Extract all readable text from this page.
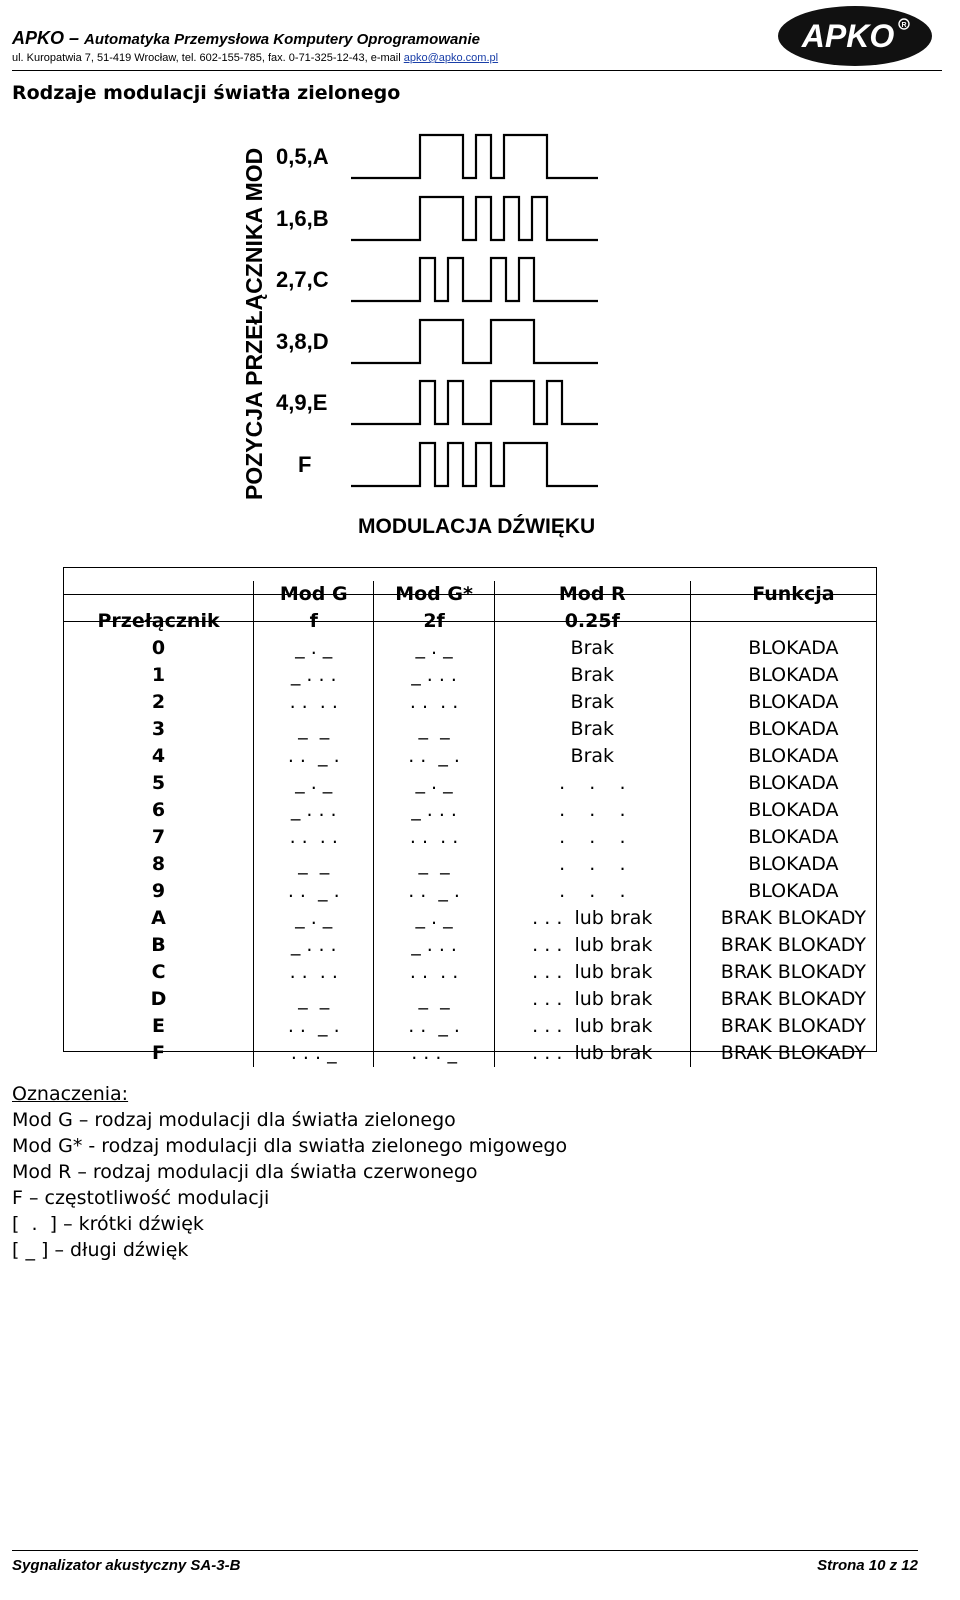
APKO – Automatyka Przemysłowa Komputery Oprogramowanie
ul. Kuropatwia 7, 51-419 Wrocław, tel. 602-155-785, fax. 0-71-325-12-43, e-mail apko@apko.com.pl
APKO R
Rodzaje modulacji światła zielonego
POZYCJA PRZEŁĄCZNIKA MOD 0,5,A
1,6,B
2,7,C
3,8,D
4,9,E
F
MODULACJA DŹWIĘKU
	Mod G	Mod G*	Mod R	Funkcja
Przełącznik	f	2f	0.25f	
0	_ . _	_ . _	Brak	BLOKADA
1	_ . . .	_ . . .	Brak	BLOKADA
2	. .  . .	. .  . .	Brak	BLOKADA
3	_  _	_  _	Brak	BLOKADA
4	. .  _ .	. .  _ .	Brak	BLOKADA
5	_ . _	_ . _	.    .    .	BLOKADA
6	_ . . .	_ . . .	.    .    .	BLOKADA
7	. .  . .	. .  . .	.    .    .	BLOKADA
8	_  _	_  _	.    .    .	BLOKADA
9	. .  _ .	. .  _ .	.    .    .	BLOKADA
A	_ . _	_ . _	. . .  lub brak	BRAK BLOKADY
B	_ . . .	_ . . .	. . .  lub brak	BRAK BLOKADY
C	. .  . .	. .  . .	. . .  lub brak	BRAK BLOKADY
D	_  _	_  _	. . .  lub brak	BRAK BLOKADY
E	. .  _ .	. .  _ .	. . .  lub brak	BRAK BLOKADY
F	. . . _	. . . _	. . .  lub brak	BRAK BLOKADY
Oznaczenia:
Mod G – rodzaj modulacji dla światła zielonego
Mod G* - rodzaj modulacji dla swiatła zielonego migowego
Mod R – rodzaj modulacji dla światła czerwonego
F – częstotliwość modulacji
[  .  ] – krótki dźwięk
[ _ ] – długi dźwięk
Sygnalizator akustyczny SA-3-B	Strona 10 z 12
